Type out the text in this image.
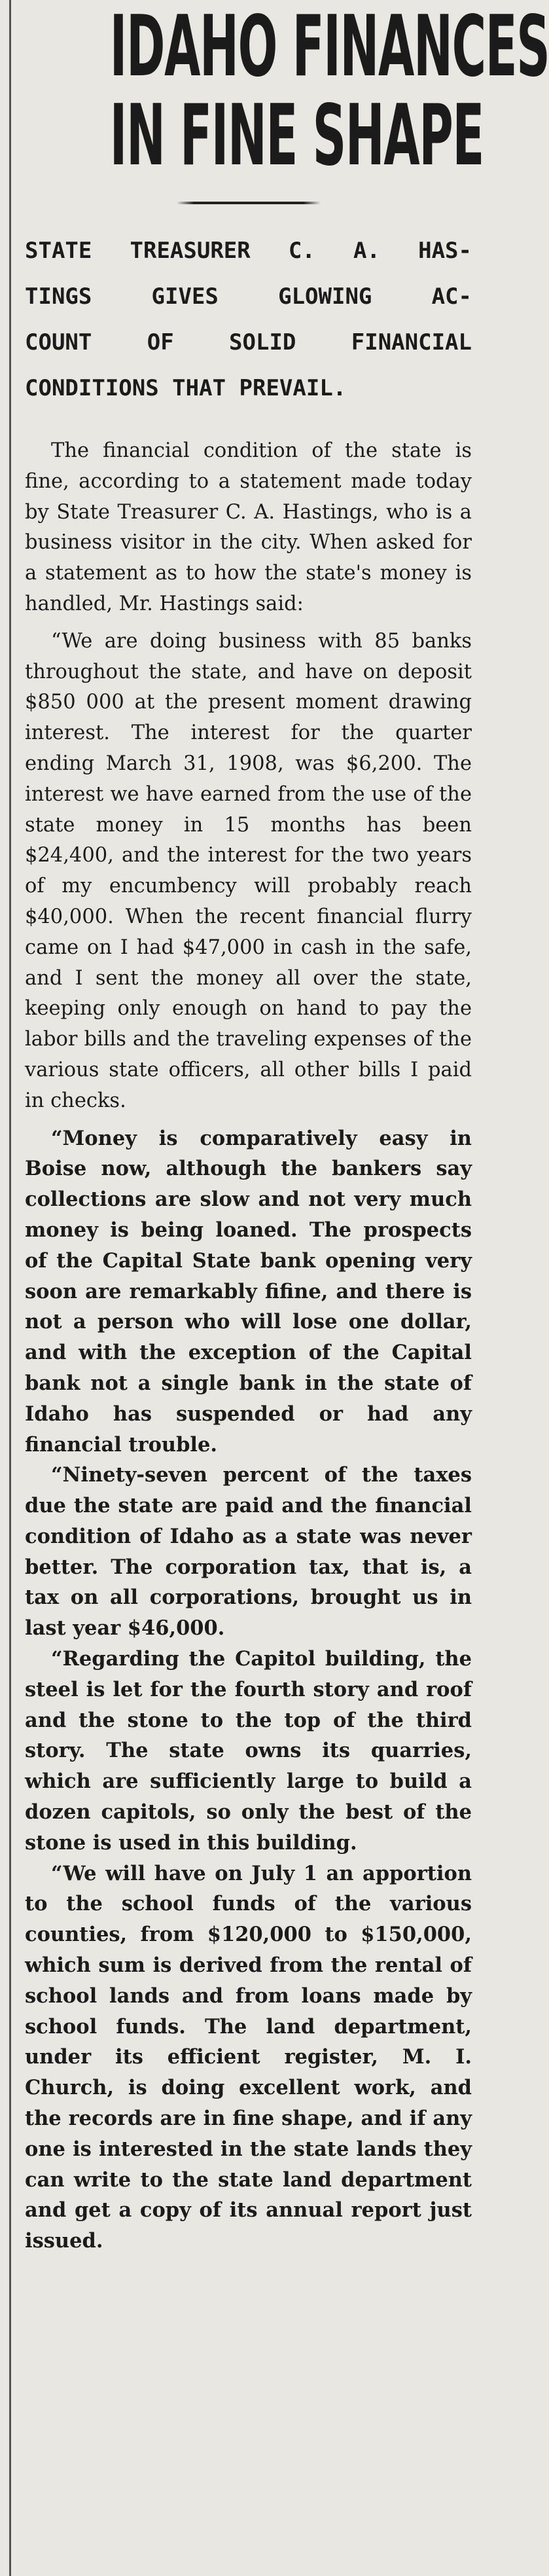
IDAHO FINANCES
IN FINE SHAPE
STATE TREASURER C. A. HAS-
TINGS GIVES GLOWING AC-
COUNT OF SOLID FINANCIAL
CONDITIONS THAT PREVAIL.

The financial condition of the state is fine, according to a statement made today by State Treasurer C. A. Hastings, who is a business visitor in the city. When asked for a statement as to how the state's money is handled, Mr. Hastings said:

“We are doing business with 85 banks throughout the state, and have on deposit $850 000 at the present moment drawing interest. The interest for the quarter ending March 31, 1908, was $6,200. The interest we have earned from the use of the state money in 15 months has been $24,400, and the interest for the two years of my encumbency will probably reach $40,000. When the recent financial flurry came on I had $47,000 in cash in the safe, and I sent the money all over the state, keeping only enough on hand to pay the labor bills and the traveling expenses of the various state officers, all other bills I paid in checks.

“Money is comparatively easy in Boise now, although the bankers say collections are slow and not very much money is being loaned. The prospects of the Capital State bank opening very soon are remarkably fifine, and there is not a person who will lose one dollar, and with the exception of the Capital bank not a single bank in the state of Idaho has suspended or had any financial trouble.

“Ninety-seven percent of the taxes due the state are paid and the financial condition of Idaho as a state was never better. The corporation tax, that is, a tax on all corporations, brought us in last year $46,000.

“Regarding the Capitol building, the steel is let for the fourth story and roof and the stone to the top of the third story. The state owns its quarries, which are sufficiently large to build a dozen capitols, so only the best of the stone is used in this building.

“We will have on July 1 an apportion to the school funds of the various counties, from $120,000 to $150,000, which sum is derived from the rental of school lands and from loans made by school funds. The land department, under its efficient register, M. I. Church, is doing excellent work, and the records are in fine shape, and if any one is interested in the state lands they can write to the state land department and get a copy of its annual report just issued.
